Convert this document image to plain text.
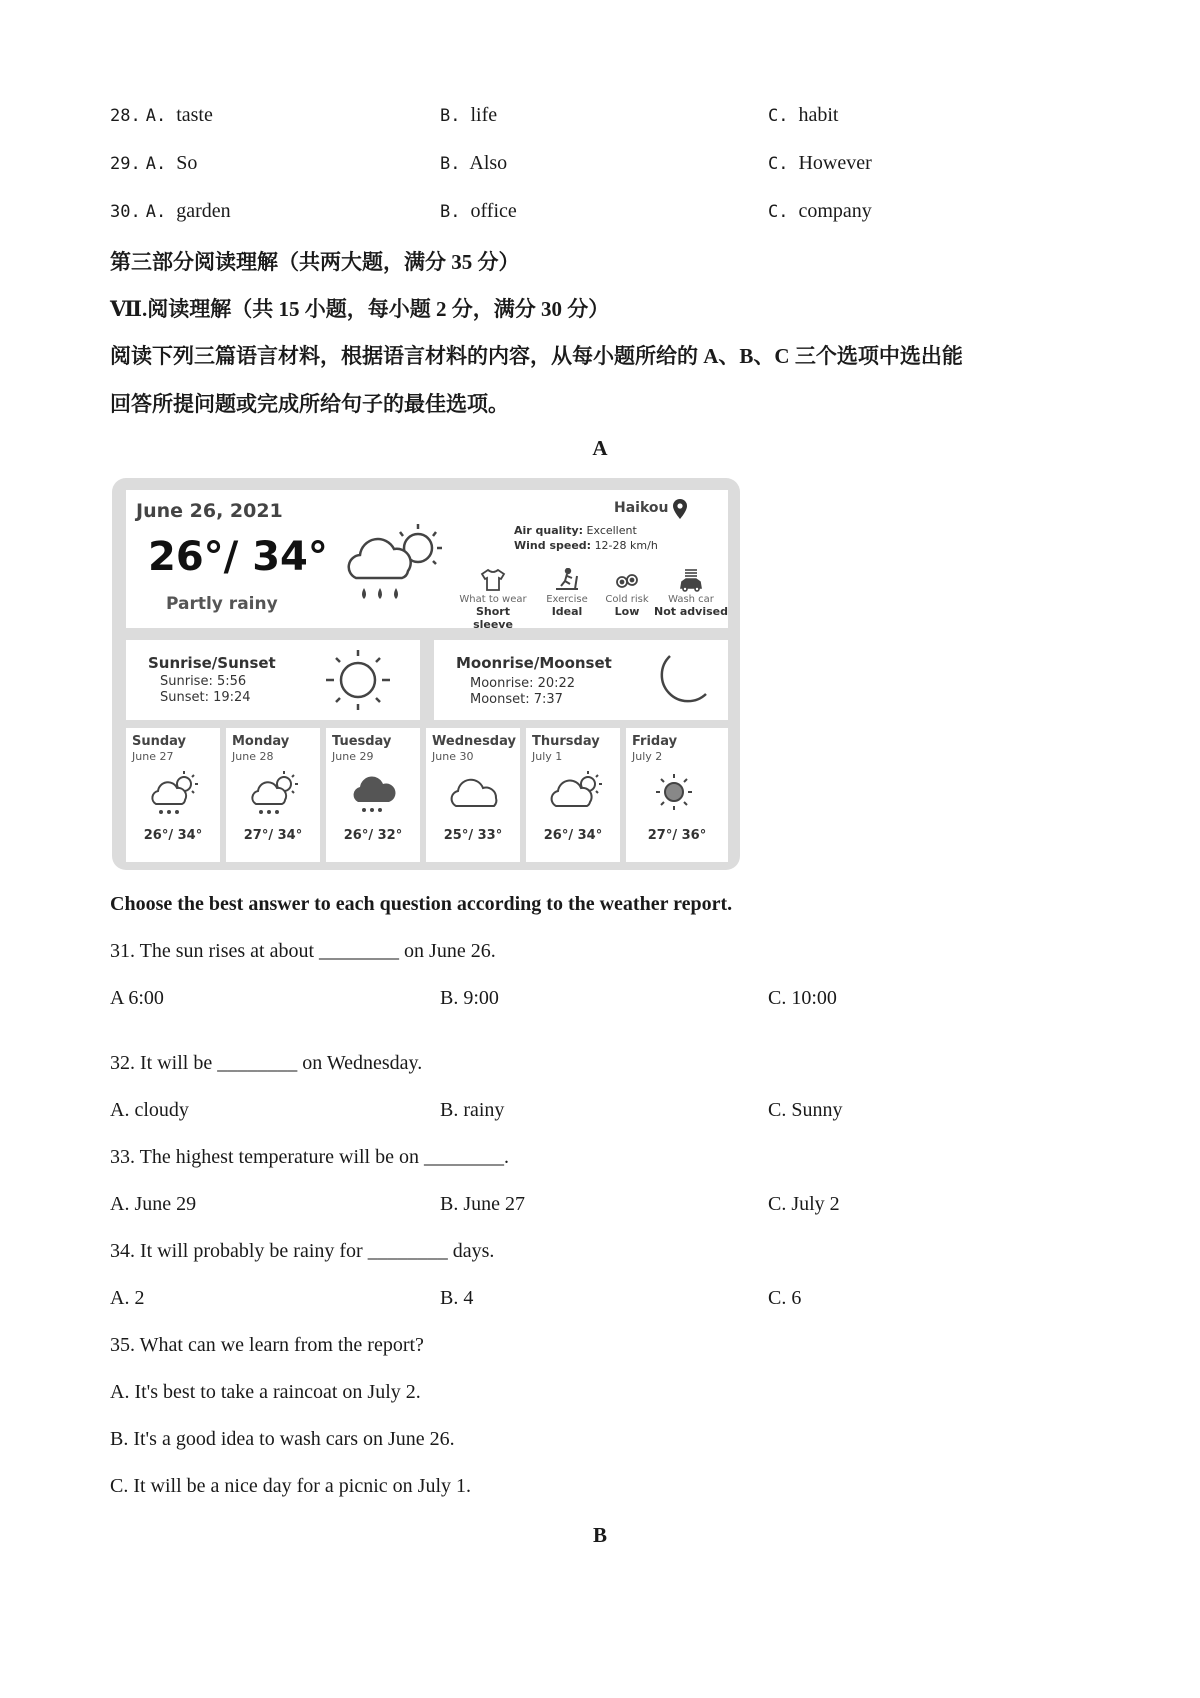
28. A. taste	B. life	C. habit
29. A. So	B. Also	C. However
30. A. garden	B. office	C. company
第三部分阅读理解（共两大题，满分 35 分）
Ⅶ.阅读理解（共 15 小题，每小题 2 分，满分 30 分）
阅读下列三篇语言材料，根据语言材料的内容，从每小题所给的 A、B、C 三个选项中选出能
回答所提问题或完成所给句子的最佳选项。
A
June 26, 2021
26°/ 34°
Partly rainy
Haikou
Air quality: Excellent
Wind speed: 12-28 km/h
What to wear
Short sleeve
Exercise
Ideal
Cold risk
Low
Wash car
Not advised
Sunrise/Sunset
Sunrise: 5:56
Sunset: 19:24
Moonrise/Moonset
Moonrise: 20:22
Moonset: 7:37
Sunday
June 27
26°/ 34°
Monday
June 28
27°/ 34°
Tuesday
June 29
26°/ 32°
Wednesday
June 30
25°/ 33°
Thursday
July 1
26°/ 34°
Friday
July 2
27°/ 36°
Choose the best answer to each question according to the weather report.
31. The sun rises at about ________ on June 26.
A 6:00	B. 9:00	C. 10:00
32. It will be ________ on Wednesday.
A. cloudy	B. rainy	C. Sunny
33. The highest temperature will be on ________.
A. June 29	B. June 27	C. July 2
34. It will probably be rainy for ________ days.
A. 2	B. 4	C. 6
35. What can we learn from the report?
A. It's best to take a raincoat on July 2.
B. It's a good idea to wash cars on June 26.
C. It will be a nice day for a picnic on July 1.
B
